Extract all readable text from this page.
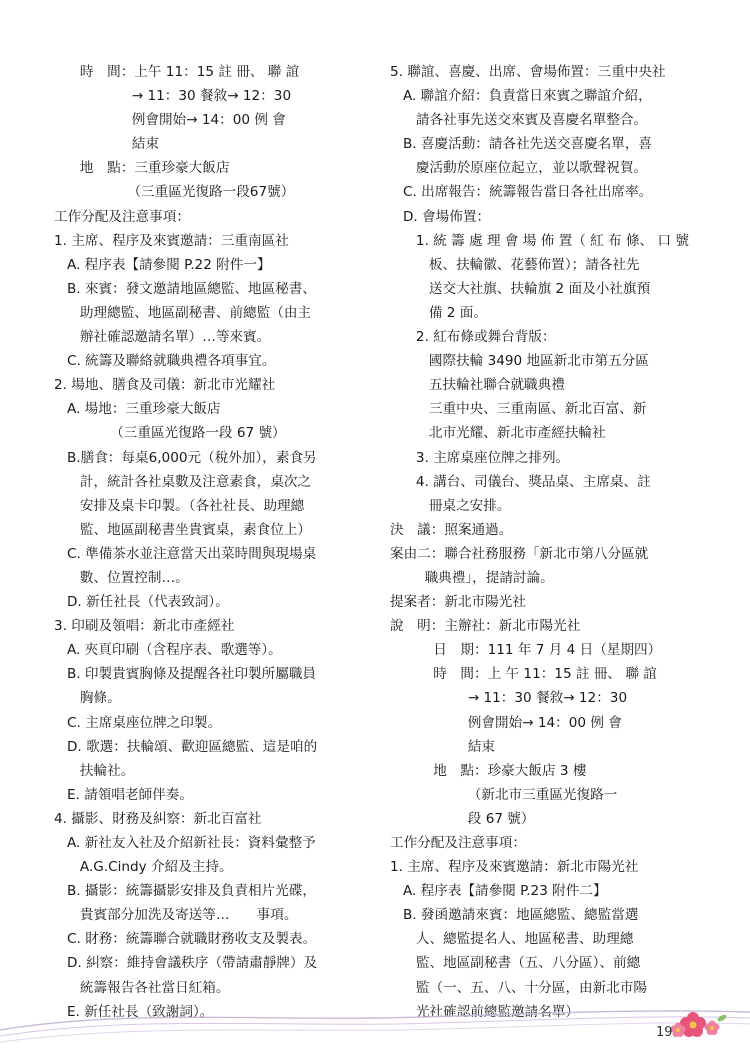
時　間：上午 11：15 註 冊、 聯 誼
→ 11：30 餐敘→ 12：30
例會開始→ 14：00 例 會
結束
地　點：三重珍豪大飯店
（三重區光復路一段67號）
工作分配及注意事項：
1. 主席、程序及來賓邀請：三重南區社
A. 程序表【請參閱 P.22 附件一】
B. 來賓：發文邀請地區總監、地區秘書、
助理總監、地區副秘書、前總監（由主
辦社確認邀請名單）…等來賓。
C. 統籌及聯絡就職典禮各項事宜。
2. 場地、膳食及司儀：新北市光耀社
A. 場地：三重珍豪大飯店
（三重區光復路一段 67 號）
B.膳食：每桌6,000元（稅外加），素食另
計，統計各社桌數及注意素食，桌次之
安排及桌卡印製。（各社社長、助理總
監、地區副秘書坐貴賓桌，素食位上）
C. 準備茶水並注意當天出菜時間與現場桌
數、位置控制…。
D. 新任社長（代表致詞）。
3. 印刷及領唱：新北市產經社
A. 夾頁印刷（含程序表、歌選等）。
B. 印製貴賓胸條及提醒各社印製所屬職員
胸條。
C. 主席桌座位牌之印製。
D. 歌選：扶輪頌、歡迎區總監、這是咱的
扶輪社。
E. 請領唱老師伴奏。
4. 攝影、財務及糾察：新北百富社
A. 新社友入社及介紹新社長：資料彙整予
A.G.Cindy 介紹及主持。
B. 攝影：統籌攝影安排及負責相片光碟，
貴賓部分加洗及寄送等…　　事項。
C. 財務：統籌聯合就職財務收支及製表。
D. 糾察：維持會議秩序（帶請肅靜牌）及
統籌報告各社當日紅箱。
E. 新任社長（致謝詞）。
5. 聯誼、喜慶、出席、會場佈置：三重中央社
A. 聯誼介紹：負責當日來賓之聯誼介紹，
請各社事先送交來賓及喜慶名單整合。
B. 喜慶活動：請各社先送交喜慶名單，喜
慶活動於原座位起立，並以歌聲祝賀。
C. 出席報告：統籌報告當日各社出席率。
D. 會場佈置：
1. 統 籌 處 理 會 場 佈 置（ 紅 布 條、 口 號
板、扶輪徽、花藝佈置）；請各社先
送交大社旗、扶輪旗 2 面及小社旗預
備 2 面。
2. 紅布條或舞台背版：
國際扶輪 3490 地區新北市第五分區
五扶輪社聯合就職典禮
三重中央、三重南區、新北百富、新
北市光耀、新北市產經扶輪社
3. 主席桌座位牌之排列。
4. 講台、司儀台、獎品桌、主席桌、註
冊桌之安排。
決　議：照案通過。
案由二：聯合社務服務「新北市第八分區就
職典禮」，提請討論。
提案者：新北市陽光社
說　明：主辦社：新北市陽光社
日　期：111 年 7 月 4 日（星期四）
時　間：上 午 11：15 註 冊、 聯 誼
→ 11：30 餐敘→ 12：30
例會開始→ 14：00 例 會
結束
地　點：珍豪大飯店 3 樓
（新北市三重區光復路一
段 67 號）
工作分配及注意事項：
1. 主席、程序及來賓邀請：新北市陽光社
A. 程序表【請參閱 P.23 附件二】
B. 發函邀請來賓：地區總監、總監當選
人、總監提名人、地區秘書、助理總
監、地區副秘書（五、八分區）、前總
監（一、五、八、十分區，由新北市陽
光社確認前總監邀請名單）
19
